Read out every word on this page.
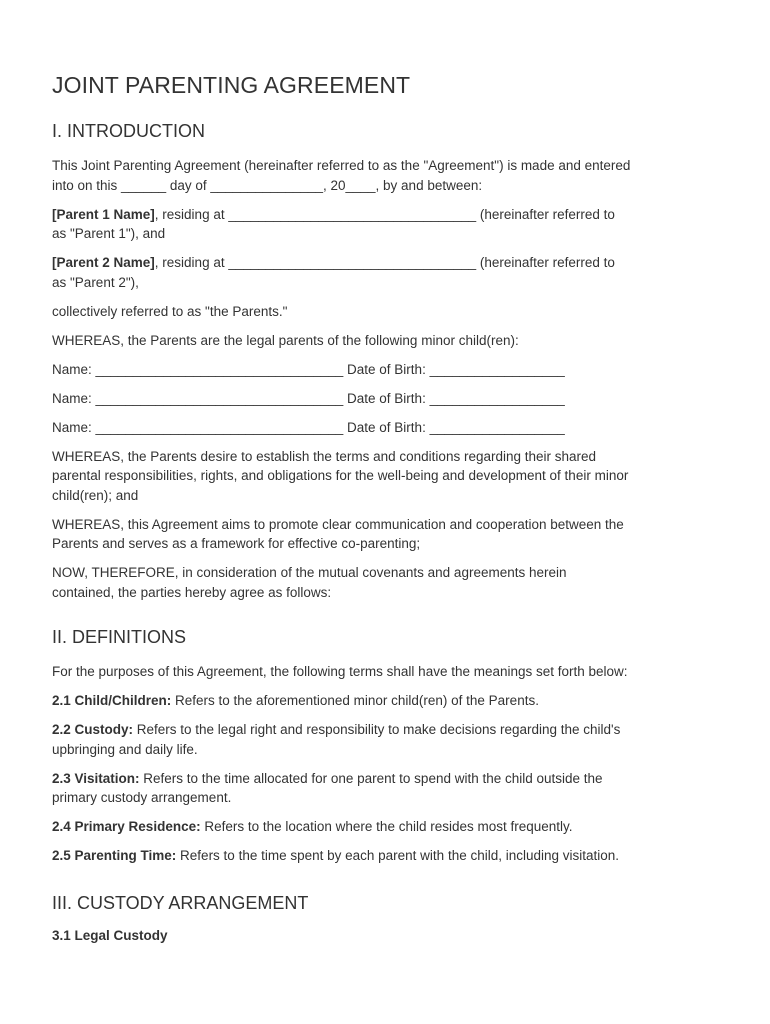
JOINT PARENTING AGREEMENT
I. INTRODUCTION

This Joint Parenting Agreement (hereinafter referred to as the "Agreement") is made and entered
into on this ______ day of _______________, 20____, by and between:

[Parent 1 Name], residing at _________________________________ (hereinafter referred to
as "Parent 1"), and

[Parent 2 Name], residing at _________________________________ (hereinafter referred to
as "Parent 2"),

collectively referred to as "the Parents."

WHEREAS, the Parents are the legal parents of the following minor child(ren):

Name: _________________________________ Date of Birth: __________________

Name: _________________________________ Date of Birth: __________________

Name: _________________________________ Date of Birth: __________________

WHEREAS, the Parents desire to establish the terms and conditions regarding their shared
parental responsibilities, rights, and obligations for the well-being and development of their minor
child(ren); and

WHEREAS, this Agreement aims to promote clear communication and cooperation between the
Parents and serves as a framework for effective co-parenting;

NOW, THEREFORE, in consideration of the mutual covenants and agreements herein
contained, the parties hereby agree as follows:

II. DEFINITIONS

For the purposes of this Agreement, the following terms shall have the meanings set forth below:

2.1 Child/Children: Refers to the aforementioned minor child(ren) of the Parents.

2.2 Custody: Refers to the legal right and responsibility to make decisions regarding the child's
upbringing and daily life.

2.3 Visitation: Refers to the time allocated for one parent to spend with the child outside the
primary custody arrangement.

2.4 Primary Residence: Refers to the location where the child resides most frequently.

2.5 Parenting Time: Refers to the time spent by each parent with the child, including visitation.

III. CUSTODY ARRANGEMENT
3.1 Legal Custody
